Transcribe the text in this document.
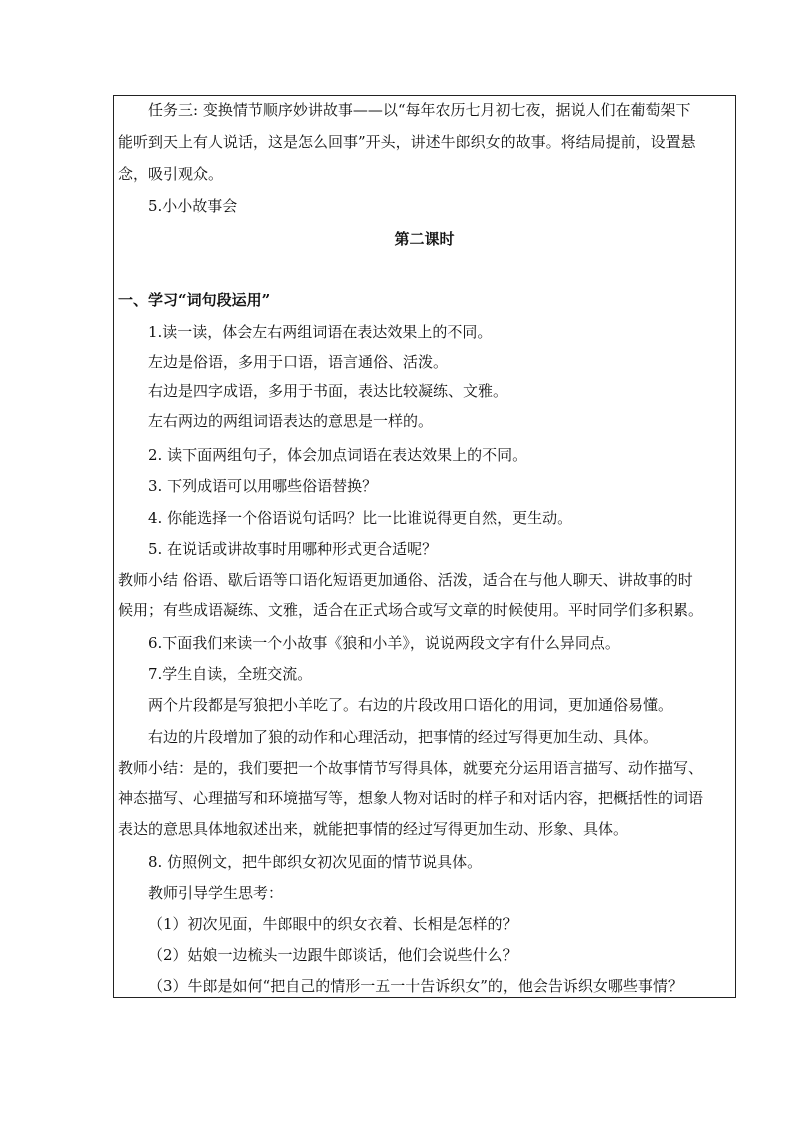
任务三: 变换情节顺序妙讲故事——以“每年农历七月初七夜，据说人们在葡萄架下
能听到天上有人说话，这是怎么回事”开头，讲述牛郎织女的故事。将结局提前，设置悬
念，吸引观众。
5.小小故事会
第二课时
一、学习“词句段运用”
1.读一读，体会左右两组词语在表达效果上的不同。
左边是俗语，多用于口语，语言通俗、活泼。
右边是四字成语，多用于书面，表达比较凝练、文雅。
左右两边的两组词语表达的意思是一样的。
2. 读下面两组句子，体会加点词语在表达效果上的不同。
3. 下列成语可以用哪些俗语替换？
4. 你能选择一个俗语说句话吗？比一比谁说得更自然，更生动。
5. 在说话或讲故事时用哪种形式更合适呢？
教师小结 俗语、歇后语等口语化短语更加通俗、活泼，适合在与他人聊天、讲故事的时
候用；有些成语凝练、文雅，适合在正式场合或写文章的时候使用。平时同学们多积累。
6.下面我们来读一个小故事《狼和小羊》，说说两段文字有什么异同点。
7.学生自读，全班交流。
两个片段都是写狼把小羊吃了。右边的片段改用口语化的用词，更加通俗易懂。
右边的片段增加了狼的动作和心理活动，把事情的经过写得更加生动、具体。
教师小结：是的，我们要把一个故事情节写得具体，就要充分运用语言描写、动作描写、
神态描写、心理描写和环境描写等，想象人物对话时的样子和对话内容，把概括性的词语
表达的意思具体地叙述出来，就能把事情的经过写得更加生动、形象、具体。
8. 仿照例文，把牛郎织女初次见面的情节说具体。
教师引导学生思考：
（1）初次见面，牛郎眼中的织女衣着、长相是怎样的？
（2）姑娘一边梳头一边跟牛郎谈话，他们会说些什么？
（3）牛郎是如何“把自己的情形一五一十告诉织女”的，他会告诉织女哪些事情？
